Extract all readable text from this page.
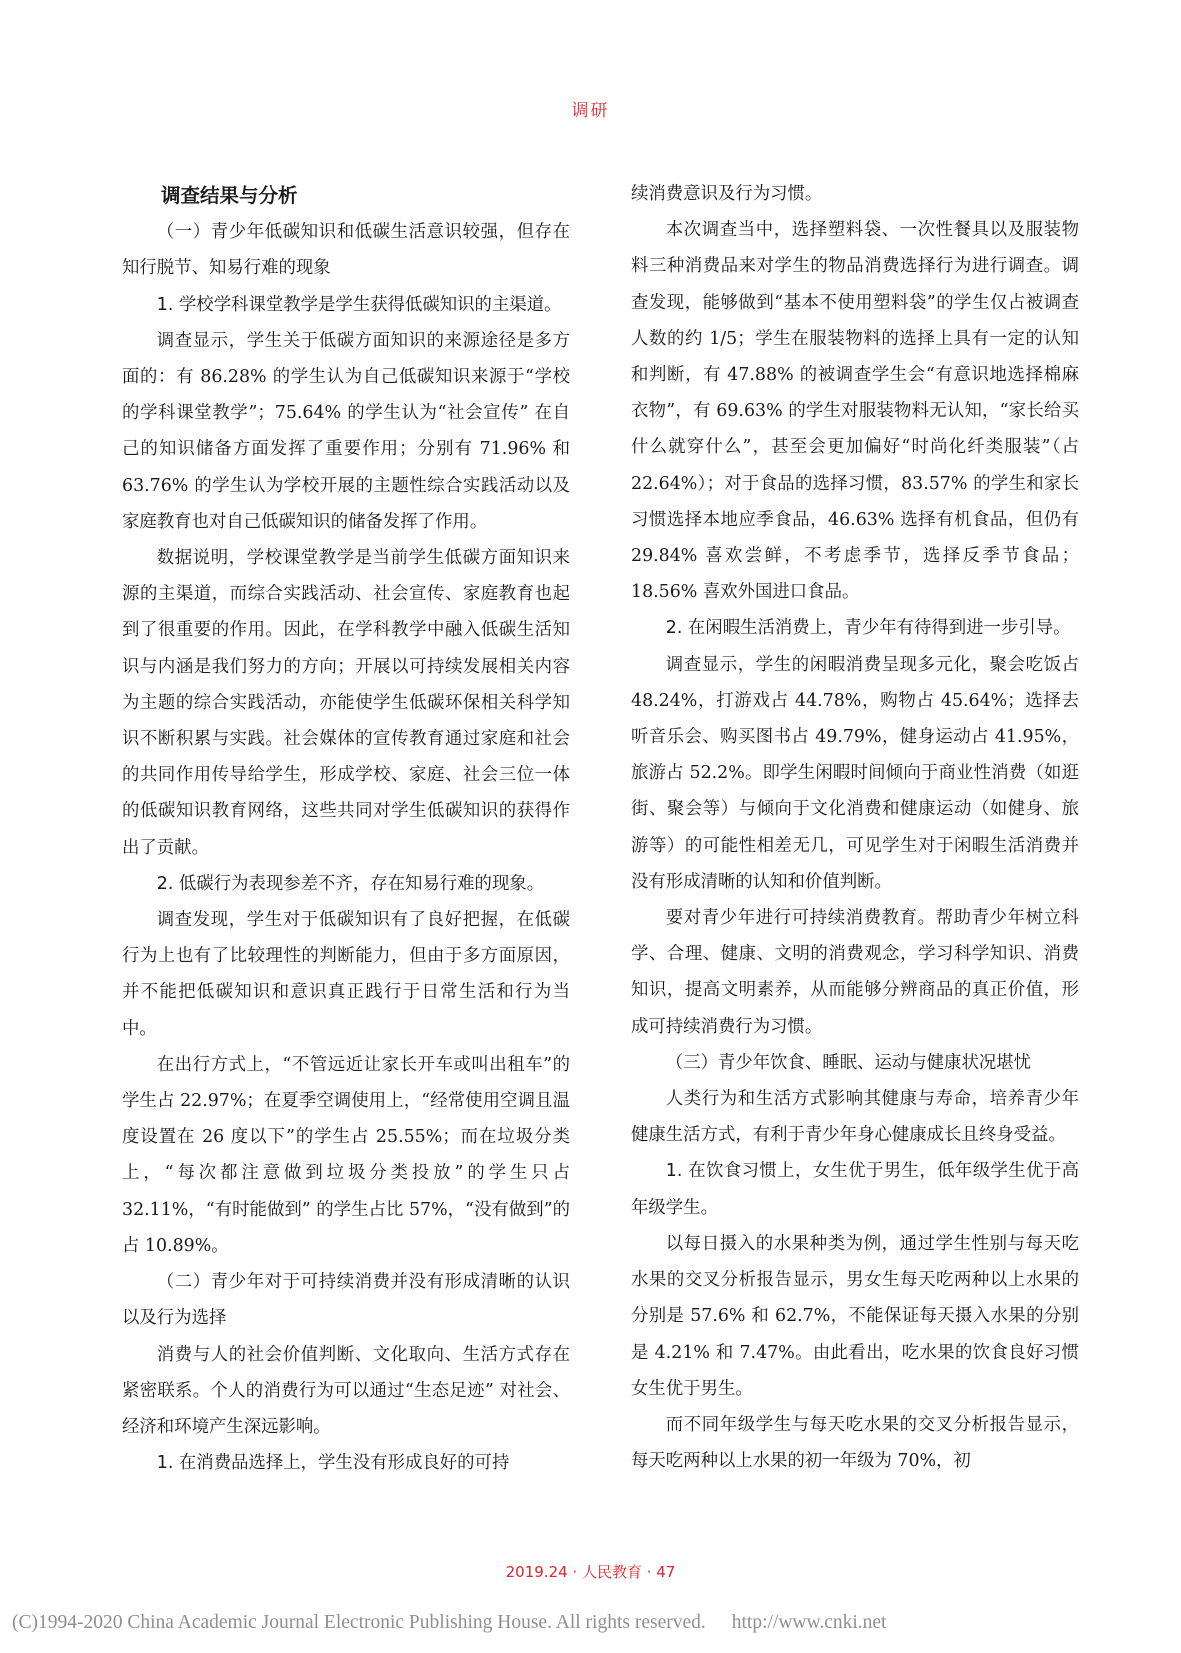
调研

调查结果与分析

（一）青少年低碳知识和低碳生活意识较强，但存在知行脱节、知易行难的现象

1. 学校学科课堂教学是学生获得低碳知识的主渠道。

调查显示，学生关于低碳方面知识的来源途径是多方面的：有 86.28% 的学生认为自己低碳知识来源于“学校的学科课堂教学”；75.64% 的学生认为“社会宣传” 在自己的知识储备方面发挥了重要作用；分别有 71.96% 和 63.76% 的学生认为学校开展的主题性综合实践活动以及家庭教育也对自己低碳知识的储备发挥了作用。

数据说明，学校课堂教学是当前学生低碳方面知识来源的主渠道，而综合实践活动、社会宣传、家庭教育也起到了很重要的作用。因此，在学科教学中融入低碳生活知识与内涵是我们努力的方向；开展以可持续发展相关内容为主题的综合实践活动，亦能使学生低碳环保相关科学知识不断积累与实践。社会媒体的宣传教育通过家庭和社会的共同作用传导给学生，形成学校、家庭、社会三位一体的低碳知识教育网络，这些共同对学生低碳知识的获得作出了贡献。

2. 低碳行为表现参差不齐，存在知易行难的现象。

调查发现，学生对于低碳知识有了良好把握，在低碳行为上也有了比较理性的判断能力，但由于多方面原因，并不能把低碳知识和意识真正践行于日常生活和行为当中。

在出行方式上，“不管远近让家长开车或叫出租车”的学生占 22.97%；在夏季空调使用上，“经常使用空调且温度设置在 26 度以下”的学生占 25.55%；而在垃圾分类上，“每次都注意做到垃圾分类投放”的学生只占 32.11%，“有时能做到” 的学生占比 57%，“没有做到”的占 10.89%。

（二）青少年对于可持续消费并没有形成清晰的认识以及行为选择

消费与人的社会价值判断、文化取向、生活方式存在紧密联系。个人的消费行为可以通过“生态足迹” 对社会、经济和环境产生深远影响。

1. 在消费品选择上，学生没有形成良好的可持

续消费意识及行为习惯。

本次调查当中，选择塑料袋、一次性餐具以及服装物料三种消费品来对学生的物品消费选择行为进行调查。调查发现，能够做到“基本不使用塑料袋”的学生仅占被调查人数的约 1/5；学生在服装物料的选择上具有一定的认知和判断，有 47.88% 的被调查学生会“有意识地选择棉麻衣物”，有 69.63% 的学生对服装物料无认知，“家长给买什么就穿什么”，甚至会更加偏好“时尚化纤类服装”（占 22.64%）；对于食品的选择习惯，83.57% 的学生和家长习惯选择本地应季食品，46.63% 选择有机食品，但仍有 29.84% 喜欢尝鲜，不考虑季节，选择反季节食品；18.56% 喜欢外国进口食品。

2. 在闲暇生活消费上，青少年有待得到进一步引导。

调查显示，学生的闲暇消费呈现多元化，聚会吃饭占 48.24%，打游戏占 44.78%，购物占 45.64%；选择去听音乐会、购买图书占 49.79%，健身运动占 41.95%，旅游占 52.2%。即学生闲暇时间倾向于商业性消费（如逛街、聚会等）与倾向于文化消费和健康运动（如健身、旅游等）的可能性相差无几，可见学生对于闲暇生活消费并没有形成清晰的认知和价值判断。

要对青少年进行可持续消费教育。帮助青少年树立科学、合理、健康、文明的消费观念，学习科学知识、消费知识，提高文明素养，从而能够分辨商品的真正价值，形成可持续消费行为习惯。

（三）青少年饮食、睡眠、运动与健康状况堪忧

人类行为和生活方式影响其健康与寿命，培养青少年健康生活方式，有利于青少年身心健康成长且终身受益。

1. 在饮食习惯上，女生优于男生，低年级学生优于高年级学生。

以每日摄入的水果种类为例，通过学生性别与每天吃水果的交叉分析报告显示，男女生每天吃两种以上水果的分别是 57.6% 和 62.7%，不能保证每天摄入水果的分别是 4.21% 和 7.47%。由此看出，吃水果的饮食良好习惯女生优于男生。

而不同年级学生与每天吃水果的交叉分析报告显示，每天吃两种以上水果的初一年级为 70%，初

2019.24 · 人民教育 · 47
(C)1994-2020 China Academic Journal Electronic Publishing House. All rights reserved. http://www.cnki.net
